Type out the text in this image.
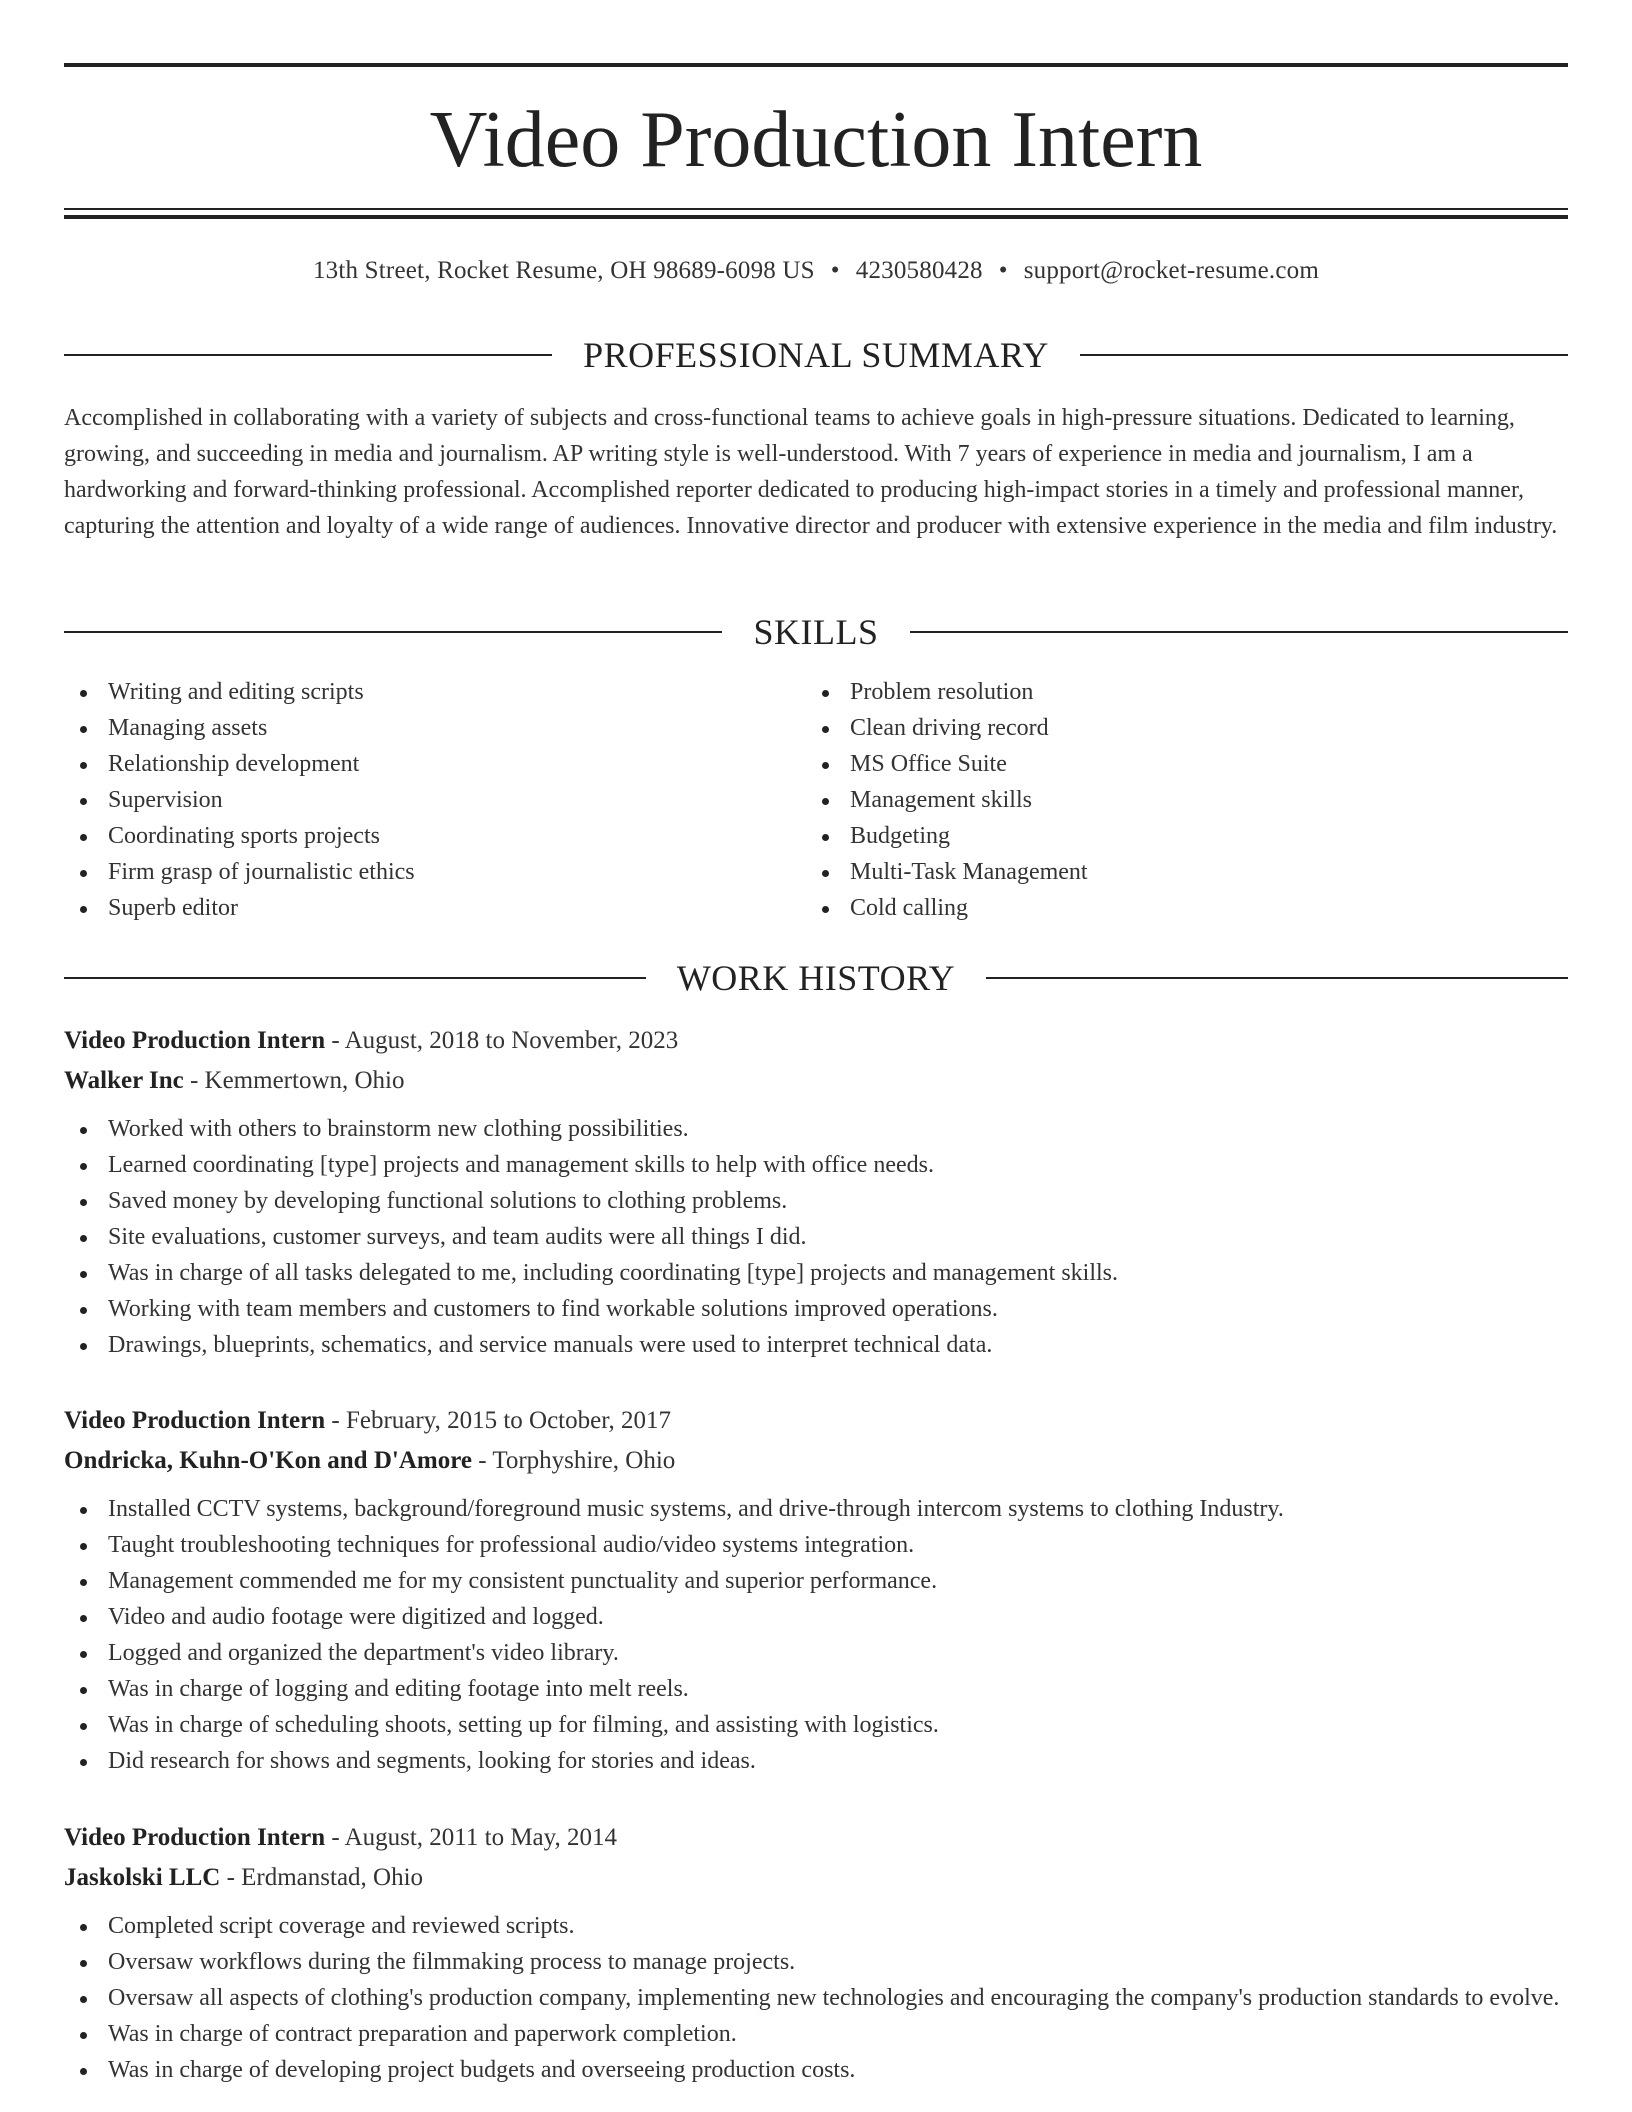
Video Production Intern
13th Street, Rocket Resume, OH 98689-6098 US • 4230580428 • support@rocket-resume.com
PROFESSIONAL SUMMARY

Accomplished in collaborating with a variety of subjects and cross-functional teams to achieve goals in high-pressure situations. Dedicated to learning, growing, and succeeding in media and journalism. AP writing style is well-understood. With 7 years of experience in media and journalism, I am a hardworking and forward-thinking professional. Accomplished reporter dedicated to producing high-impact stories in a timely and professional manner, capturing the attention and loyalty of a wide range of audiences. Innovative director and producer with extensive experience in the media and film industry.

SKILLS
Writing and editing scripts
Managing assets
Relationship development
Supervision
Coordinating sports projects
Firm grasp of journalistic ethics
Superb editor
Problem resolution
Clean driving record
MS Office Suite
Management skills
Budgeting
Multi-Task Management
Cold calling
WORK HISTORY
Video Production Intern - August, 2018 to November, 2023
Walker Inc - Kemmertown, Ohio
Worked with others to brainstorm new clothing possibilities.
Learned coordinating [type] projects and management skills to help with office needs.
Saved money by developing functional solutions to clothing problems.
Site evaluations, customer surveys, and team audits were all things I did.
Was in charge of all tasks delegated to me, including coordinating [type] projects and management skills.
Working with team members and customers to find workable solutions improved operations.
Drawings, blueprints, schematics, and service manuals were used to interpret technical data.
Video Production Intern - February, 2015 to October, 2017
Ondricka, Kuhn-O'Kon and D'Amore - Torphyshire, Ohio
Installed CCTV systems, background/foreground music systems, and drive-through intercom systems to clothing Industry.
Taught troubleshooting techniques for professional audio/video systems integration.
Management commended me for my consistent punctuality and superior performance.
Video and audio footage were digitized and logged.
Logged and organized the department's video library.
Was in charge of logging and editing footage into melt reels.
Was in charge of scheduling shoots, setting up for filming, and assisting with logistics.
Did research for shows and segments, looking for stories and ideas.
Video Production Intern - August, 2011 to May, 2014
Jaskolski LLC - Erdmanstad, Ohio
Completed script coverage and reviewed scripts.
Oversaw workflows during the filmmaking process to manage projects.
Oversaw all aspects of clothing's production company, implementing new technologies and encouraging the company's production standards to evolve.
Was in charge of contract preparation and paperwork completion.
Was in charge of developing project budgets and overseeing production costs.
